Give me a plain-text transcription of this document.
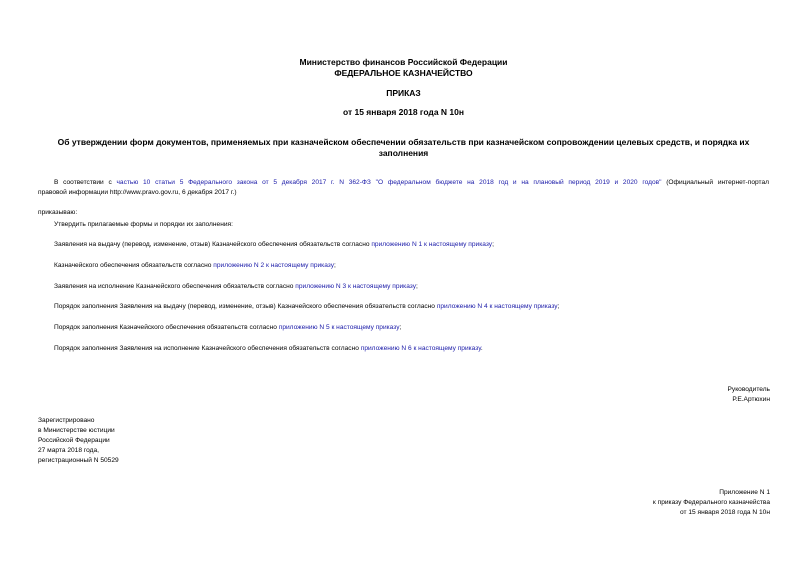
Министерство финансов Российской Федерации
ФЕДЕРАЛЬНОЕ КАЗНАЧЕЙСТВО
ПРИКАЗ
от 15 января 2018 года N 10н
Об утверждении форм документов, применяемых при казначейском обеспечении обязательств при казначейском сопровождении целевых средств, и порядка их
заполнения
В соответствии с частью 10 статьи 5 Федерального закона от 5 декабря 2017 г. N 362-ФЗ "О федеральном бюджете на 2018 год и на плановый период 2019 и 2020 годов" (Официальный интернет-портал
правовой информации http://www.pravo.gov.ru, 6 декабря 2017 г.)
приказываю:
Утвердить прилагаемые формы и порядки их заполнения:
Заявления на выдачу (перевод, изменение, отзыв) Казначейского обеспечения обязательств согласно приложению N 1 к настоящему приказу;
Казначейского обеспечения обязательств согласно приложению N 2 к настоящему приказу;
Заявления на исполнение Казначейского обеспечения обязательств согласно приложению N 3 к настоящему приказу;
Порядок заполнения Заявления на выдачу (перевод, изменение, отзыв) Казначейского обеспечения обязательств согласно приложению N 4 к настоящему приказу;
Порядок заполнения Казначейского обеспечения обязательств согласно приложению N 5 к настоящему приказу;
Порядок заполнения Заявления на исполнение Казначейского обеспечения обязательств согласно приложению N 6 к настоящему приказу.
Руководитель
Р.Е.Артюхин
Зарегистрировано
в Министерстве юстиции
Российской Федерации
27 марта 2018 года,
регистрационный N 50529
Приложение N 1
к приказу Федерального казначейства
от 15 января 2018 года N 10н
